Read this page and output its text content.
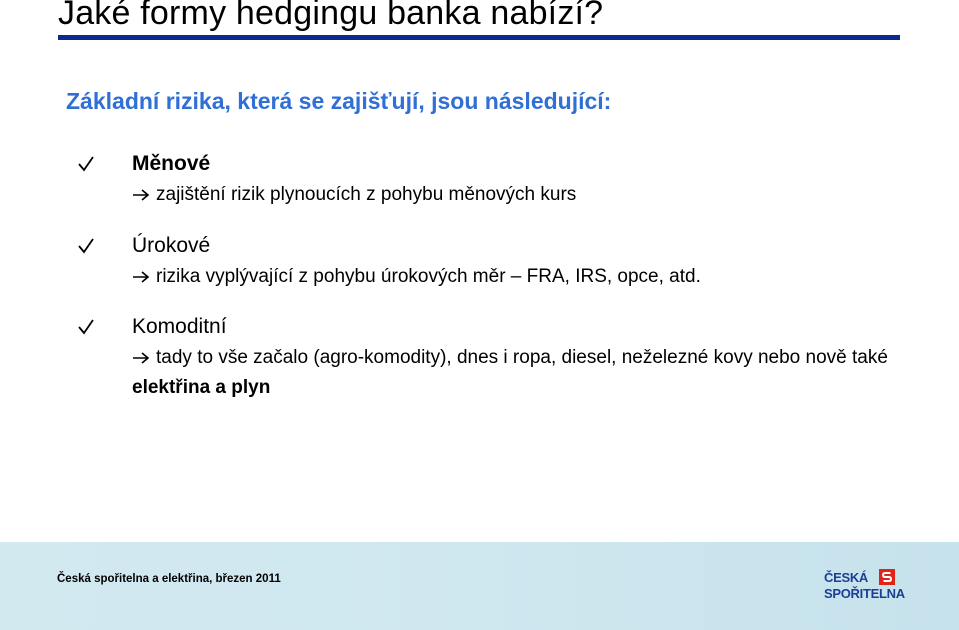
Jaké formy hedgingu banka nabízí?
Základní rizika, která se zajišťují, jsou následující:
Měnové
zajištění rizik plynoucích z pohybu měnových kurs
Úrokové
rizika vyplývající z pohybu úrokových měr – FRA, IRS, opce, atd.
Komoditní
tady to vše začalo (agro-komodity), dnes i ropa, diesel, neželezné kovy nebo nově také elektřina a plyn
Česká spořitelna a elektřina, březen 2011	ČESKÁ
SPOŘITELNA
